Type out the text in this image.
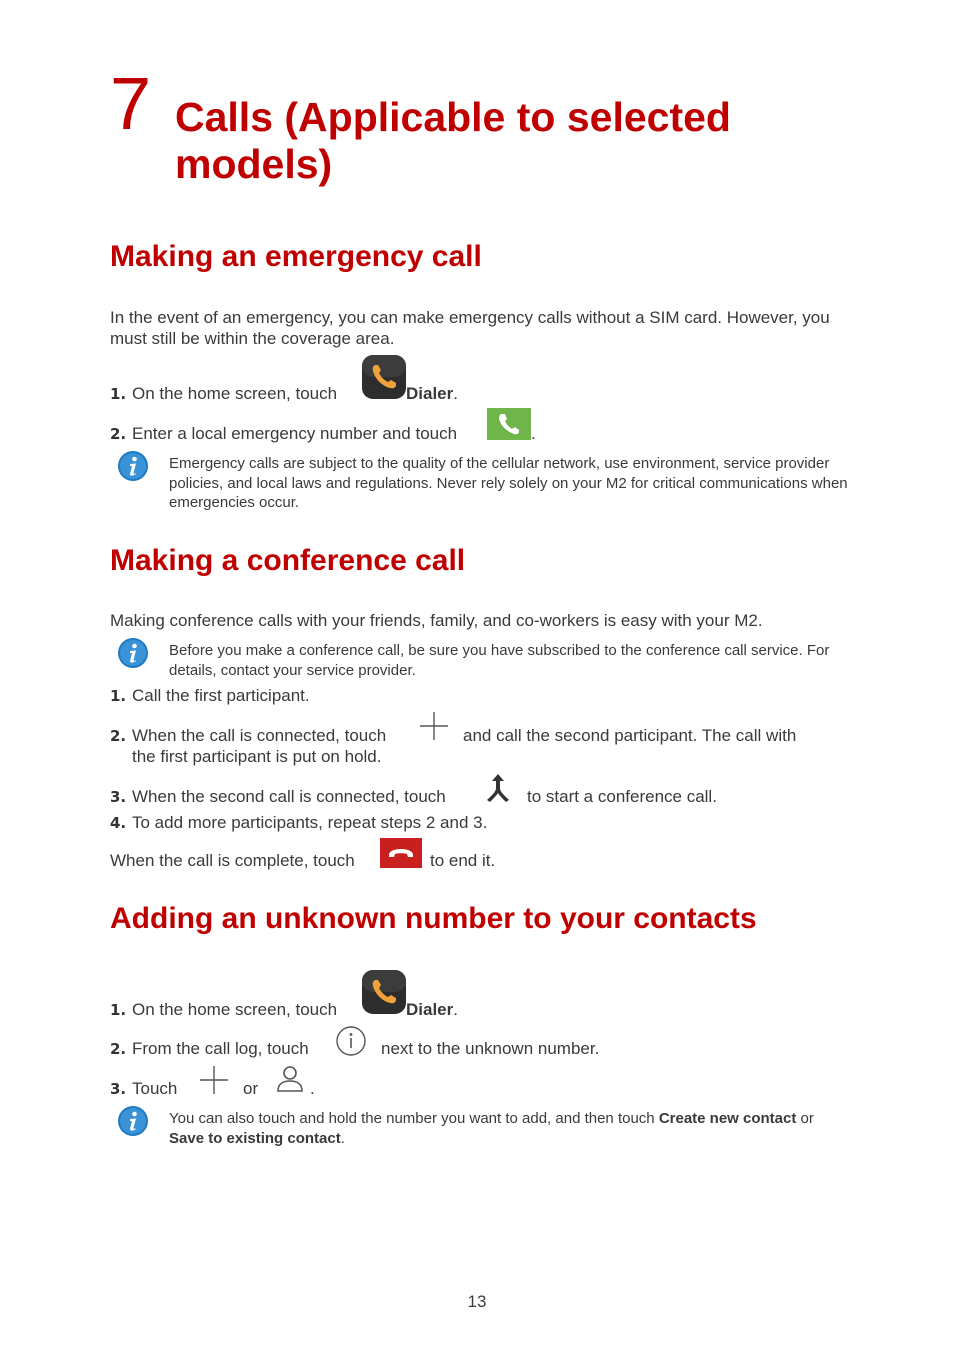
7 Calls (Applicable to selected models)
Making an emergency call
In the event of an emergency, you can make emergency calls without a SIM card. However, you must still be within the coverage area.
1. On the home screen, touch	Dialer.
2. Enter a local emergency number and touch	.
Emergency calls are subject to the quality of the cellular network, use environment, service provider policies, and local laws and regulations. Never rely solely on your M2 for critical communications when emergencies occur.
Making a conference call
Making conference calls with your friends, family, and co-workers is easy with your M2.
Before you make a conference call, be sure you have subscribed to the conference call service. For details, contact your service provider.
1. Call the first participant.
2. When the call is connected, touch	and call the second participant. The call with
the first participant is put on hold.
3. When the second call is connected, touch	to start a conference call.
4. To add more participants, repeat steps 2 and 3.
When the call is complete, touch	to end it.
Adding an unknown number to your contacts
1. On the home screen, touch	Dialer.
2. From the call log, touch	next to the unknown number.
3. Touch	or	.
You can also touch and hold the number you want to add, and then touch Create new contact or Save to existing contact.
13
